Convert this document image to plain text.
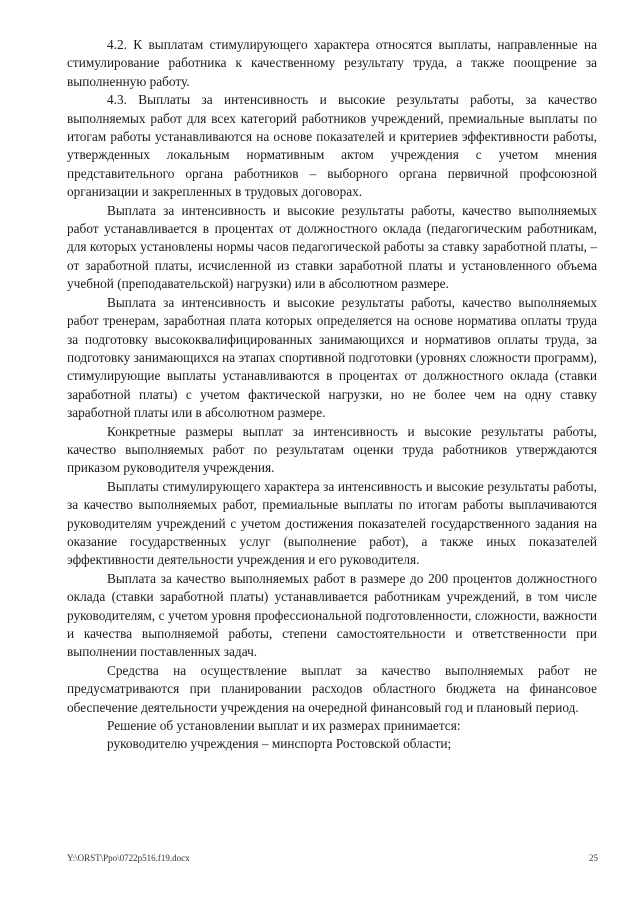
4.2. К выплатам стимулирующего характера относятся выплаты, направленные на стимулирование работника к качественному результату труда, а также поощрение за выполненную работу.

4.3. Выплаты за интенсивность и высокие результаты работы, за качество выполняемых работ для всех категорий работников учреждений, премиальные выплаты по итогам работы устанавливаются на основе показателей и критериев эффективности работы, утвержденных локальным нормативным актом учреждения с учетом мнения представительного органа работников – выборного органа первичной профсоюзной организации и закрепленных в трудовых договорах.

Выплата за интенсивность и высокие результаты работы, качество выполняемых работ устанавливается в процентах от должностного оклада (педагогическим работникам, для которых установлены нормы часов педагогической работы за ставку заработной платы, – от заработной платы, исчисленной из ставки заработной платы и установленного объема учебной (преподавательской) нагрузки) или в абсолютном размере.

Выплата за интенсивность и высокие результаты работы, качество выполняемых работ тренерам, заработная плата которых определяется на основе норматива оплаты труда за подготовку высококвалифицированных занимающихся и нормативов оплаты труда, за подготовку занимающихся на этапах спортивной подготовки (уровнях сложности программ), стимулирующие выплаты устанавливаются в процентах от должностного оклада (ставки заработной платы) с учетом фактической нагрузки, но не более чем на одну ставку заработной платы или в абсолютном размере.

Конкретные размеры выплат за интенсивность и высокие результаты работы, качество выполняемых работ по результатам оценки труда работников утверждаются приказом руководителя учреждения.

Выплаты стимулирующего характера за интенсивность и высокие результаты работы, за качество выполняемых работ, премиальные выплаты по итогам работы выплачиваются руководителям учреждений с учетом достижения показателей государственного задания на оказание государственных услуг (выполнение работ), а также иных показателей эффективности деятельности учреждения и его руководителя.

Выплата за качество выполняемых работ в размере до 200 процентов должностного оклада (ставки заработной платы) устанавливается работникам учреждений, в том числе руководителям, с учетом уровня профессиональной подготовленности, сложности, важности и качества выполняемой работы, степени самостоятельности и ответственности при выполнении поставленных задач.

Средства на осуществление выплат за качество выполняемых работ не предусматриваются при планировании расходов областного бюджета на финансовое обеспечение деятельности учреждения на очередной финансовый год и плановый период.

Решение об установлении выплат и их размерах принимается:

руководителю учреждения – минспорта Ростовской области;

Y:\ORST\Ppo\0722p516.f19.docx	25
